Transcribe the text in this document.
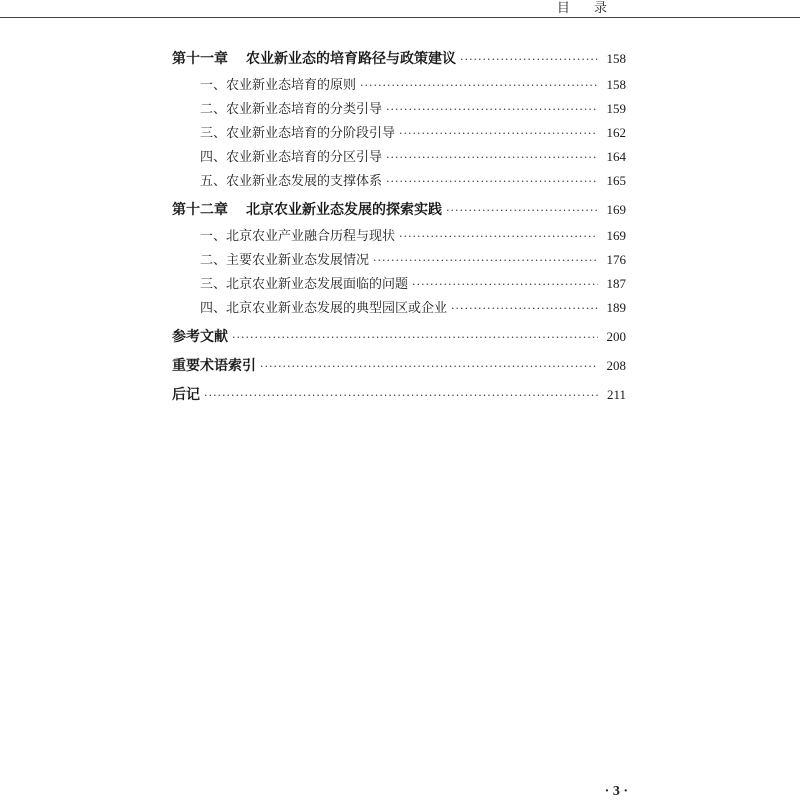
目 录
第十一章 农业新业态的培育路径与政策建议 ·····	158
一、农业新业态培育的原则 ·····	158
二、农业新业态培育的分类引导 ·····	159
三、农业新业态培育的分阶段引导 ·····	162
四、农业新业态培育的分区引导 ·····	164
五、农业新业态发展的支撑体系 ·····	165
第十二章 北京农业新业态发展的探索实践 ·····	169
一、北京农业产业融合历程与现状 ·····	169
二、主要农业新业态发展情况 ·····	176
三、北京农业新业态发展面临的问题 ·····	187
四、北京农业新业态发展的典型园区或企业 ·····	189
参考文献 ·····	200
重要术语索引 ·····	208
后记 ·····	211
· 3 ·
